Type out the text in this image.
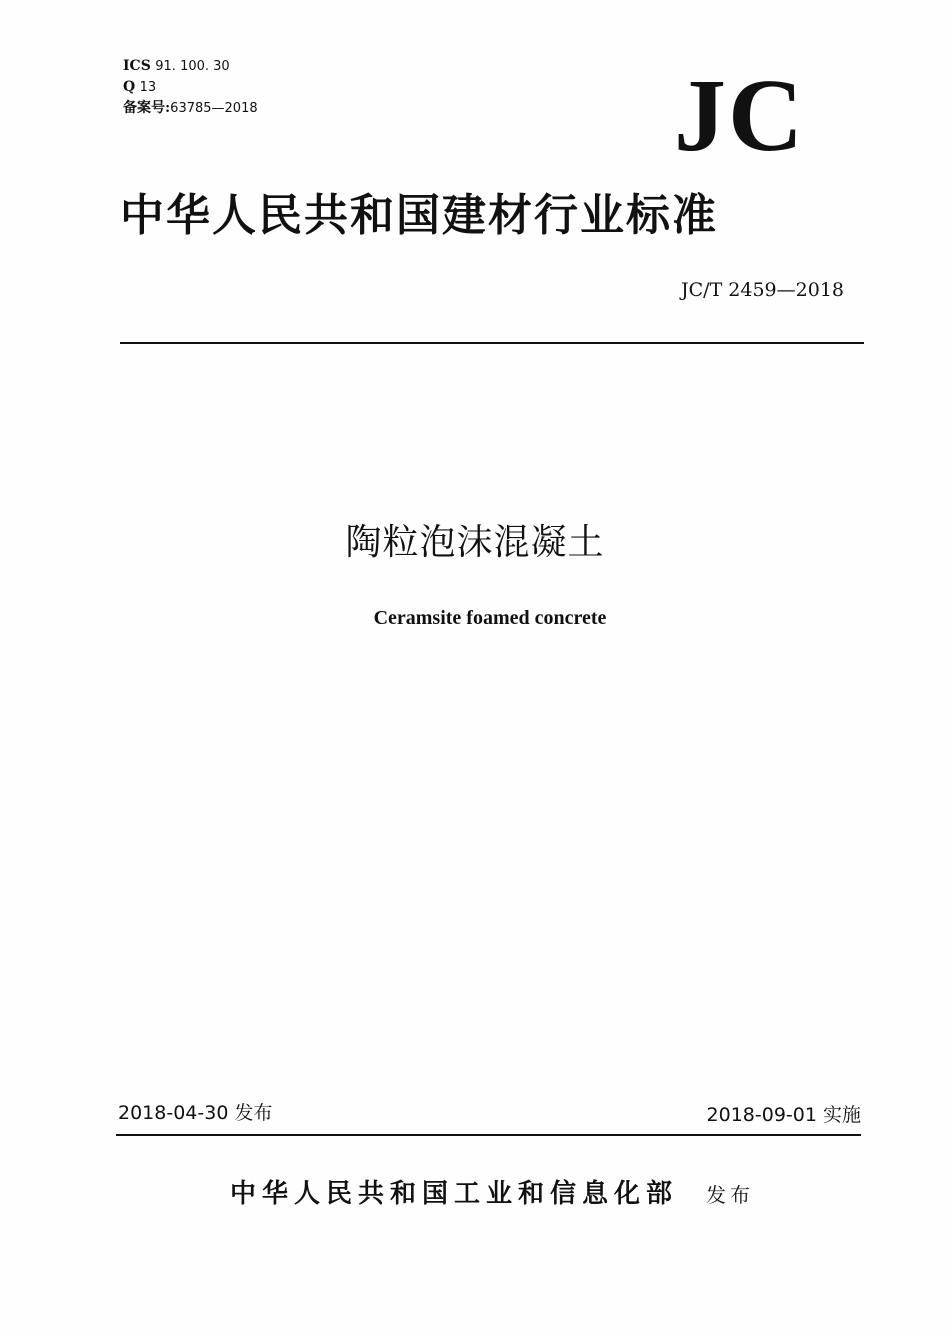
ICS 91. 100. 30
Q 13
备案号:63785—2018	JC
中华人民共和国建材行业标准
JC/T 2459—2018
陶粒泡沫混凝土
Ceramsite foamed concrete
2018-04-30 发布	2018-09-01 实施
中华人民共和国工业和信息化部 发布
